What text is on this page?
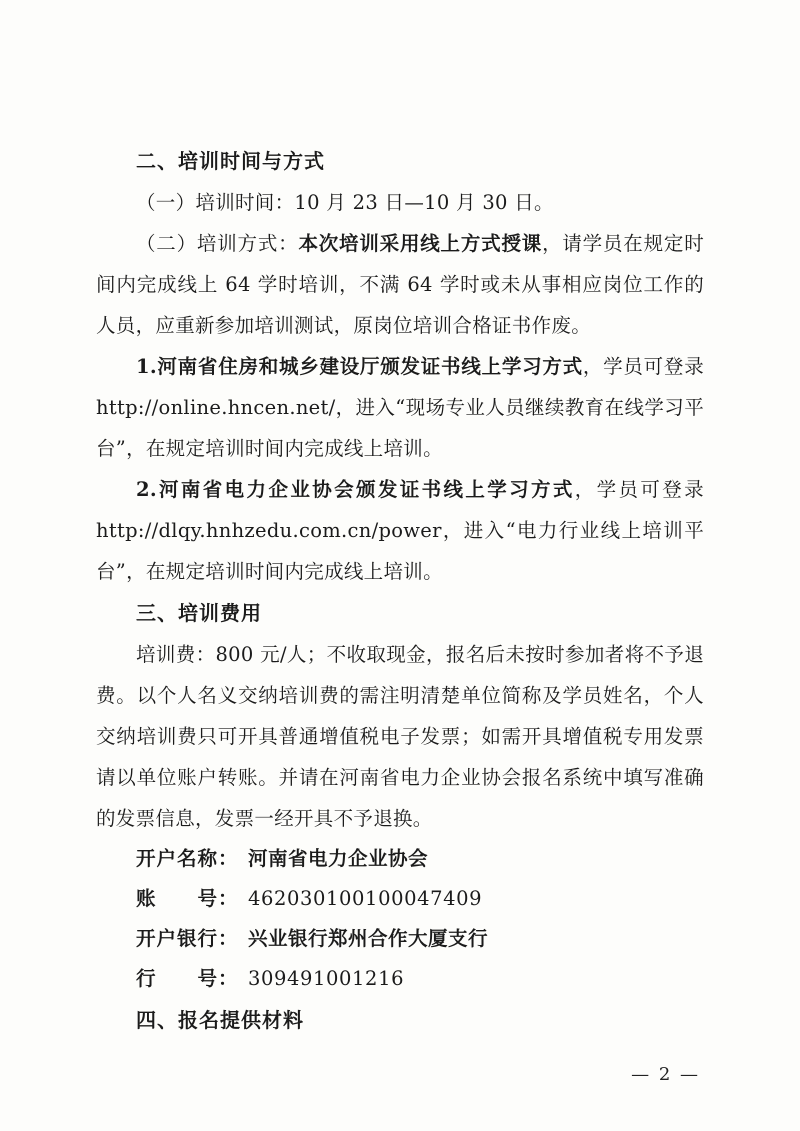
二、培训时间与方式
（一）培训时间：10 月 23 日—10 月 30 日。
（二）培训方式：本次培训采用线上方式授课，请学员在规定时间内完成线上 64 学时培训，不满 64 学时或未从事相应岗位工作的人员，应重新参加培训测试，原岗位培训合格证书作废。
1.河南省住房和城乡建设厅颁发证书线上学习方式，学员可登录 http://online.hncen.net/，进入“现场专业人员继续教育在线学习平台”，在规定培训时间内完成线上培训。
2.河南省电力企业协会颁发证书线上学习方式，学员可登录 http://dlqy.hnhzedu.com.cn/power，进入“电力行业线上培训平台”，在规定培训时间内完成线上培训。
三、培训费用
培训费：800 元/人；不收取现金，报名后未按时参加者将不予退费。以个人名义交纳培训费的需注明清楚单位简称及学员姓名，个人交纳培训费只可开具普通增值税电子发票；如需开具增值税专用发票请以单位账户转账。并请在河南省电力企业协会报名系统中填写准确的发票信息，发票一经开具不予退换。
开户名称： 河南省电力企业协会
账　　号： 462030100100047409
开户银行： 兴业银行郑州合作大厦支行
行　　号： 309491001216
四、报名提供材料
— 2 —
